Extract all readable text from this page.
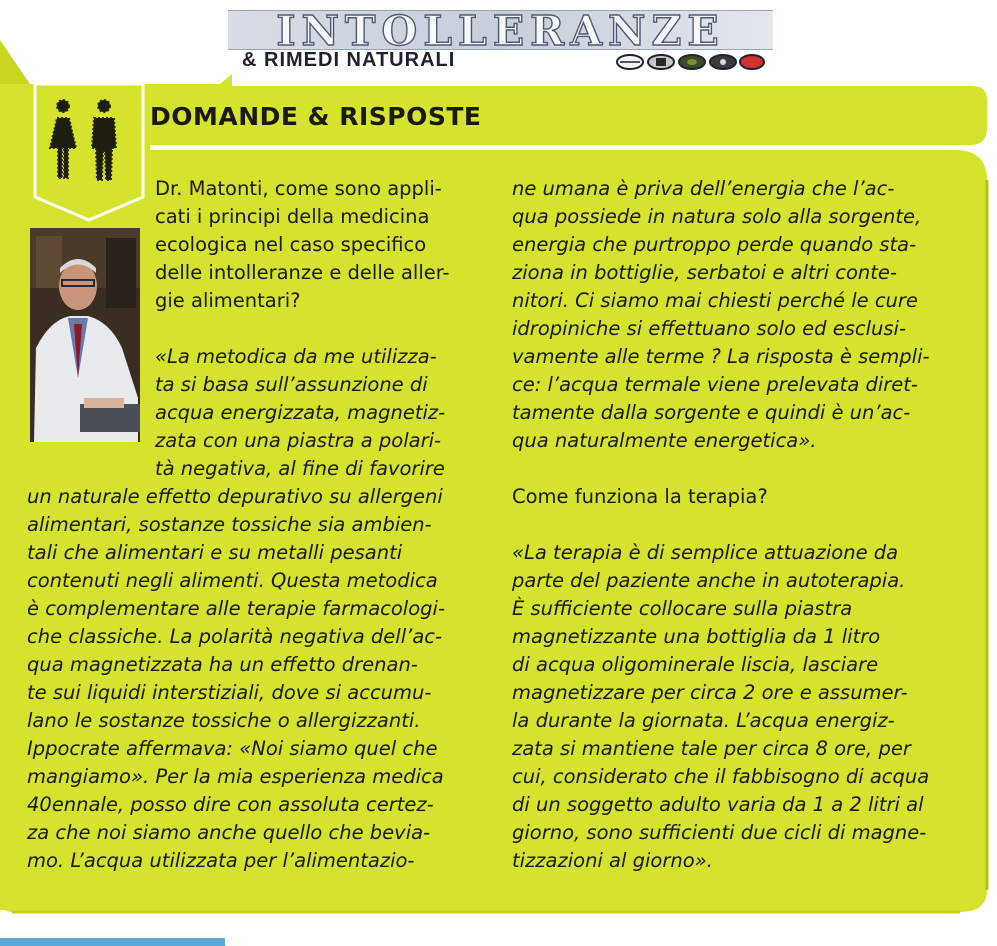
INTOLLERANZE
& RIMEDI NATURALI
DOMANDE & RISPOSTE
Dr. Matonti, come sono appli-
cati i principi della medicina
ecologica nel caso specifico
delle intolleranze e delle aller-
gie alimentari?
«La metodica da me utilizza-
ta si basa sull’assunzione di
acqua energizzata, magnetiz-
zata con una piastra a polari-
tà negativa, al fine di favorire
un naturale effetto depurativo su allergeni
alimentari, sostanze tossiche sia ambien-
tali che alimentari e su metalli pesanti
contenuti negli alimenti. Questa metodica
è complementare alle terapie farmacologi-
che classiche. La polarità negativa dell’ac-
qua magnetizzata ha un effetto drenan-
te sui liquidi interstiziali, dove si accumu-
lano le sostanze tossiche o allergizzanti.
Ippocrate affermava: «Noi siamo quel che
mangiamo». Per la mia esperienza medica
40ennale, posso dire con assoluta certez-
za che noi siamo anche quello che bevia-
mo. L’acqua utilizzata per l’alimentazio-
ne umana è priva dell’energia che l’ac-
qua possiede in natura solo alla sorgente,
energia che purtroppo perde quando sta-
ziona in bottiglie, serbatoi e altri conte-
nitori. Ci siamo mai chiesti perché le cure
idropiniche si effettuano solo ed esclusi-
vamente alle terme ? La risposta è sempli-
ce: l’acqua termale viene prelevata diret-
tamente dalla sorgente e quindi è un’ac-
qua naturalmente energetica».
Come funziona la terapia?
«La terapia è di semplice attuazione da
parte del paziente anche in autoterapia.
È sufficiente collocare sulla piastra
magnetizzante una bottiglia da 1 litro
di acqua oligominerale liscia, lasciare
magnetizzare per circa 2 ore e assumer-
la durante la giornata. L’acqua energiz-
zata si mantiene tale per circa 8 ore, per
cui, considerato che il fabbisogno di acqua
di un soggetto adulto varia da 1 a 2 litri al
giorno, sono sufficienti due cicli di magne-
tizzazioni al giorno».
